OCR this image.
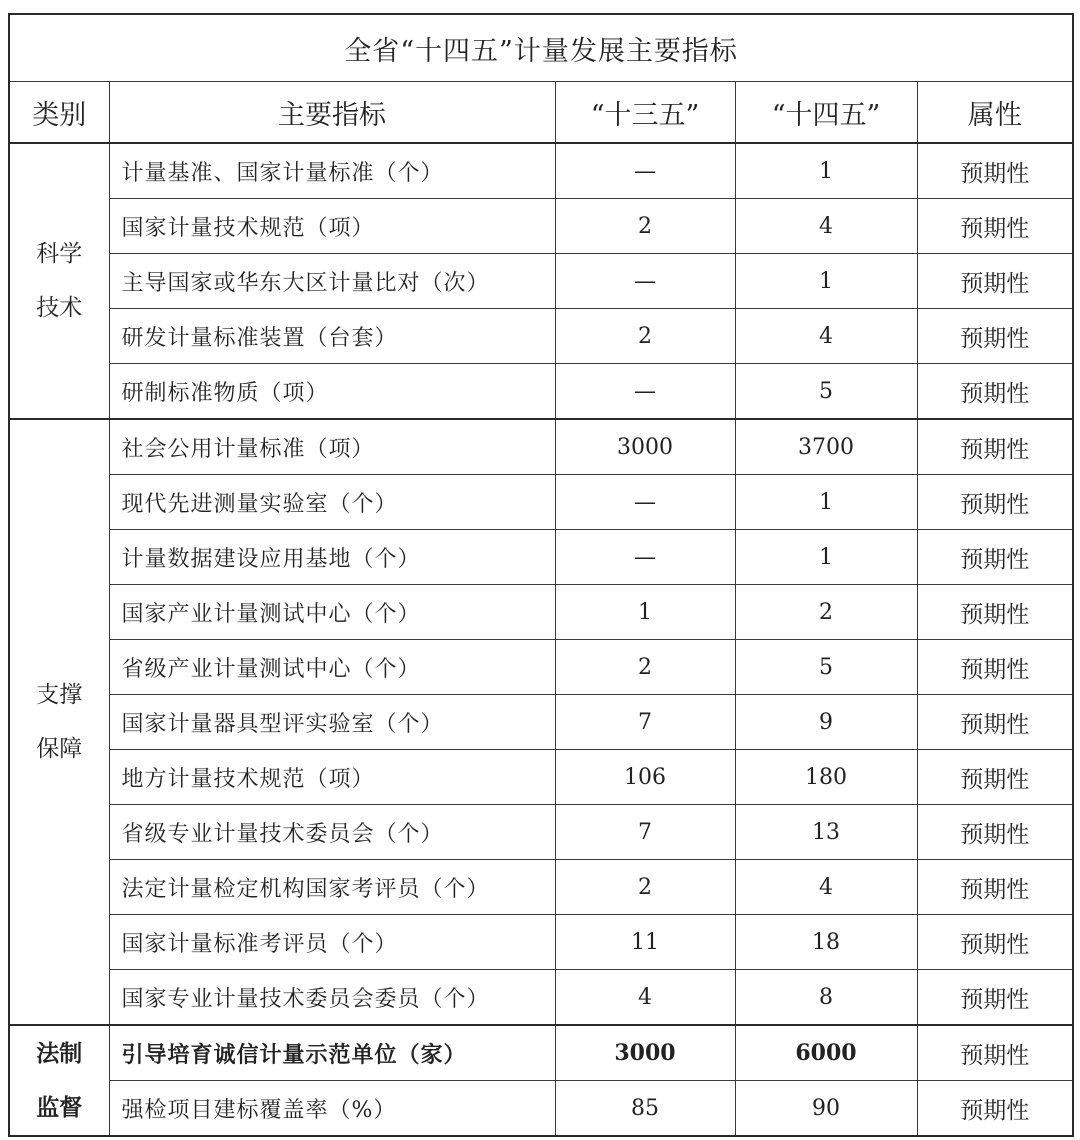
全省“十四五”计量发展主要指标				
类别	主要指标	“十三五”	“十四五”	属性

科学
技术	计量基准、国家计量标准（个）	—	1	预期性
	国家计量技术规范（项）	2	4	预期性
	主导国家或华东大区计量比对（次）	—	1	预期性
	研发计量标准装置（台套）	2	4	预期性
	研制标准物质（项）	—	5	预期性

支撑
保障	社会公用计量标准（项）	3000	3700	预期性
	现代先进测量实验室（个）	—	1	预期性
	计量数据建设应用基地（个）	—	1	预期性
	国家产业计量测试中心（个）	1	2	预期性
	省级产业计量测试中心（个）	2	5	预期性
	国家计量器具型评实验室（个）	7	9	预期性
	地方计量技术规范（项）	106	180	预期性
	省级专业计量技术委员会（个）	7	13	预期性
	法定计量检定机构国家考评员（个）	2	4	预期性
	国家计量标准考评员（个）	11	18	预期性
	国家专业计量技术委员会委员（个）	4	8	预期性

法制
监督	引导培育诚信计量示范单位（家）	3000	6000	预期性
	强检项目建标覆盖率（%）	85	90	预期性
